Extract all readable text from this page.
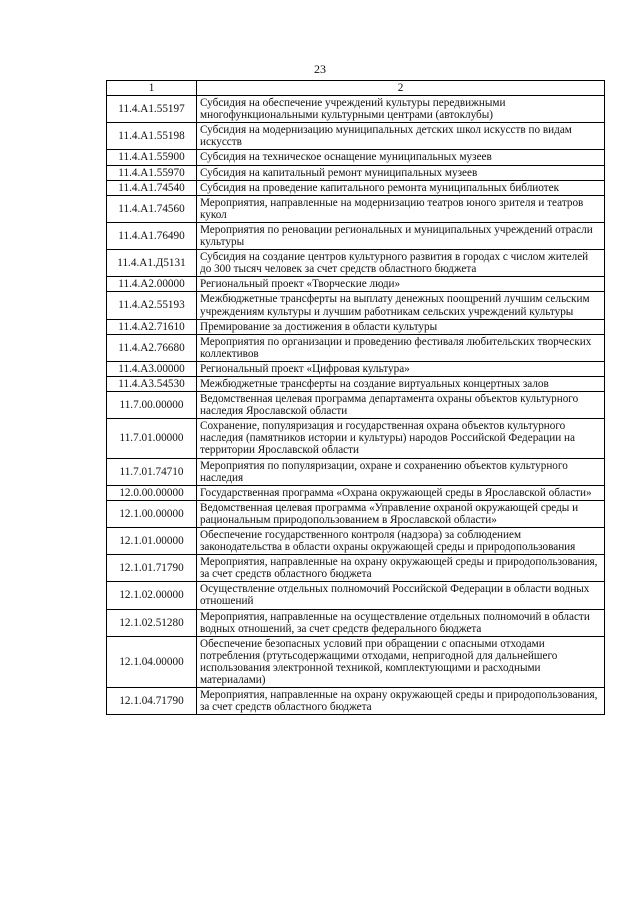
23
1	2
11.4.A1.55197	Субсидия на обеспечение учреждений культуры передвижными многофункциональными культурными центрами (автоклубы)
11.4.A1.55198	Субсидия на модернизацию муниципальных детских школ искусств по видам искусств
11.4.A1.55900	Субсидия на техническое оснащение муниципальных музеев
11.4.A1.55970	Субсидия на капитальный ремонт муниципальных музеев
11.4.A1.74540	Субсидия на проведение капитального ремонта муниципальных библиотек
11.4.A1.74560	Мероприятия, направленные на модернизацию театров юного зрителя и театров кукол
11.4.A1.76490	Мероприятия по реновации региональных и муниципальных учреждений отрасли культуры
11.4.A1.Д5131	Субсидия на создание центров культурного развития в городах с числом жителей до 300 тысяч человек за счет средств областного бюджета
11.4.A2.00000	Региональный проект «Творческие люди»
11.4.A2.55193	Межбюджетные трансферты на выплату денежных поощрений лучшим сельским учреждениям культуры и лучшим работникам сельских учреждений культуры
11.4.A2.71610	Премирование за достижения в области культуры
11.4.A2.76680	Мероприятия по организации и проведению фестиваля любительских творческих коллективов
11.4.A3.00000	Региональный проект «Цифровая культура»
11.4.A3.54530	Межбюджетные трансферты на создание виртуальных концертных залов
11.7.00.00000	Ведомственная целевая программа департамента охраны объектов культурного наследия Ярославской области
11.7.01.00000	Сохранение, популяризация и государственная охрана объектов культурного наследия (памятников истории и культуры) народов Российской Федерации на территории Ярославской области
11.7.01.74710	Мероприятия по популяризации, охране и сохранению объектов культурного наследия
12.0.00.00000	Государственная программа «Охрана окружающей среды в Ярославской области»
12.1.00.00000	Ведомственная целевая программа «Управление охраной окружающей среды и рациональным природопользованием в Ярославской области»
12.1.01.00000	Обеспечение государственного контроля (надзора) за соблюдением законодательства в области охраны окружающей среды и природопользования
12.1.01.71790	Мероприятия, направленные на охрану окружающей среды и природопользования, за счет средств областного бюджета
12.1.02.00000	Осуществление отдельных полномочий Российской Федерации в области водных отношений
12.1.02.51280	Мероприятия, направленные на осуществление отдельных полномочий в области водных отношений, за счет средств федерального бюджета
12.1.04.00000	Обеспечение безопасных условий при обращении с опасными отходами потребления (ртутьсодержащими отходами, непригодной для дальнейшего использования электронной техникой, комплектующими и расходными материалами)
12.1.04.71790	Мероприятия, направленные на охрану окружающей среды и природопользования, за счет средств областного бюджета
